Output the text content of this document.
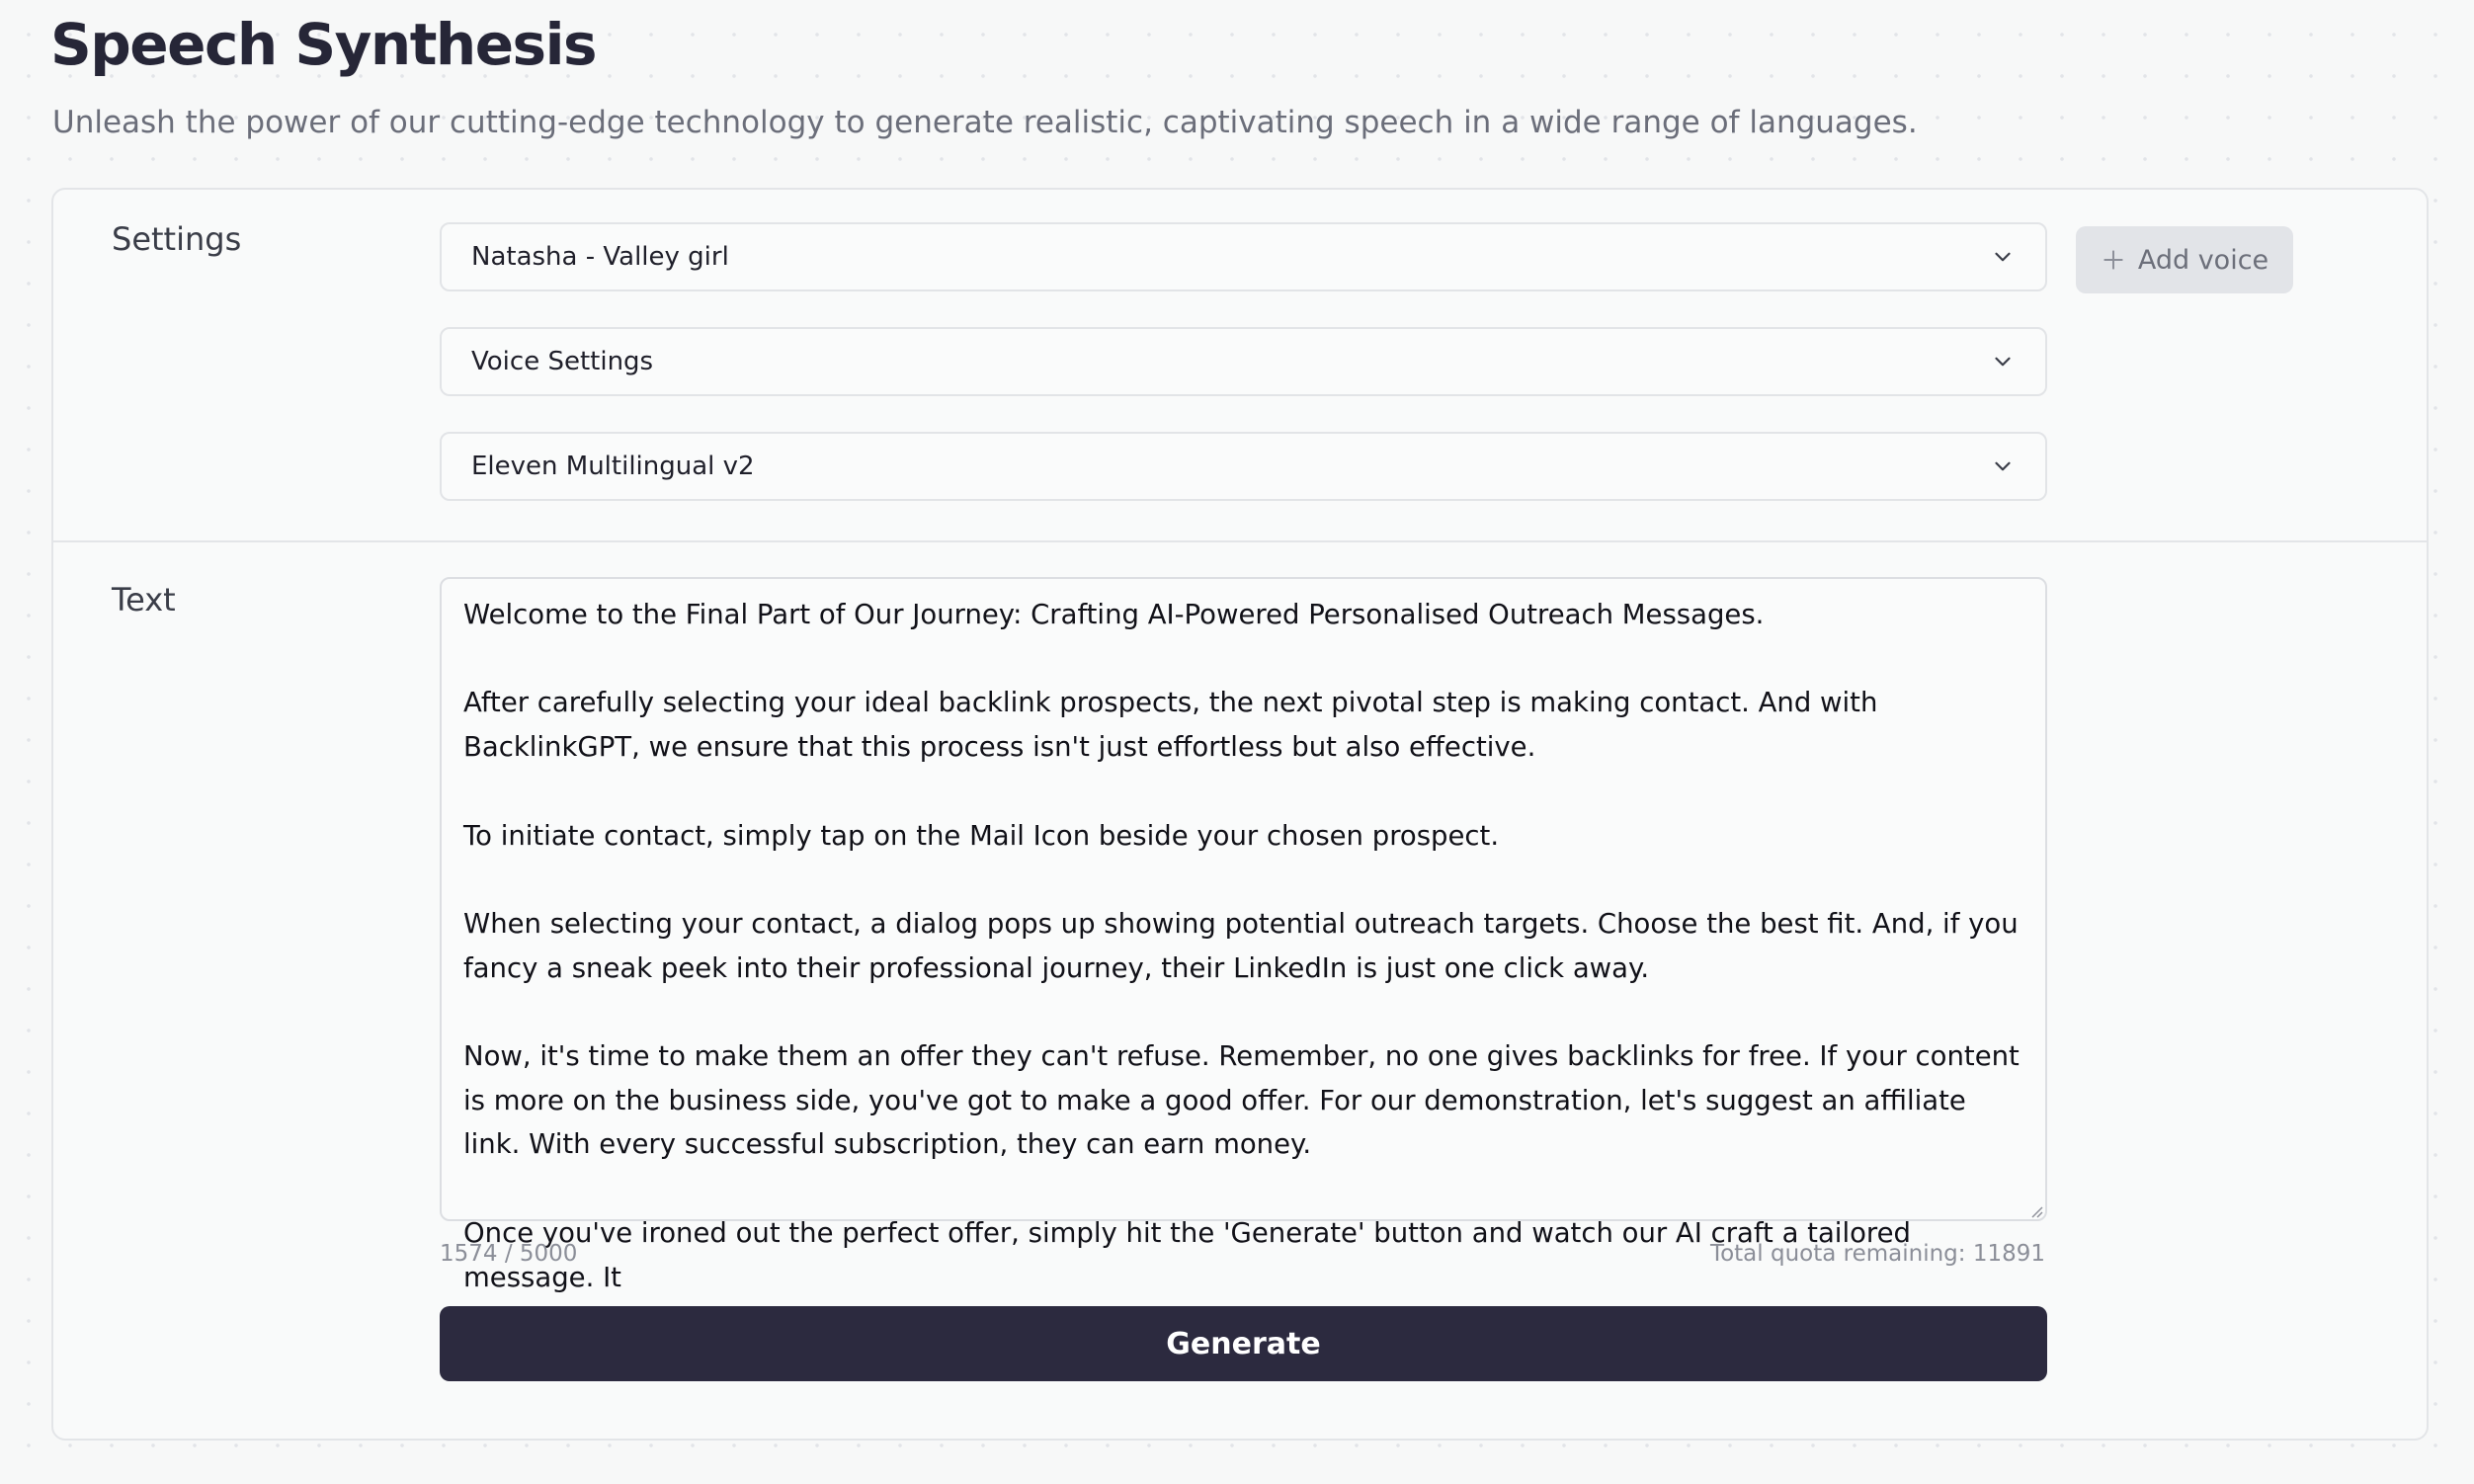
Speech Synthesis

Unleash the power of our cutting-edge technology to generate realistic, captivating speech in a wide range of languages.

Settings	Natasha - Valley girl	Add voice
Voice Settings
Eleven Multilingual v2
Text	Welcome to the Final Part of Our Journey: Crafting AI-Powered Personalised Outreach Messages.

After carefully selecting your ideal backlink prospects, the next pivotal step is making contact. And with BacklinkGPT, we ensure that this process isn't just effortless but also effective.

To initiate contact, simply tap on the Mail Icon beside your chosen prospect.

When selecting your contact, a dialog pops up showing potential outreach targets. Choose the best fit. And, if you fancy a sneak peek into their professional journey, their LinkedIn is just one click away.

Now, it's time to make them an offer they can't refuse. Remember, no one gives backlinks for free. If your content is more on the business side, you've got to make a good offer. For our demonstration, let's suggest an affiliate link. With every successful subscription, they can earn money.

Once you've ironed out the perfect offer, simply hit the 'Generate' button and watch our AI craft a tailored message. It
1574 / 5000	Total quota remaining: 11891
Generate
